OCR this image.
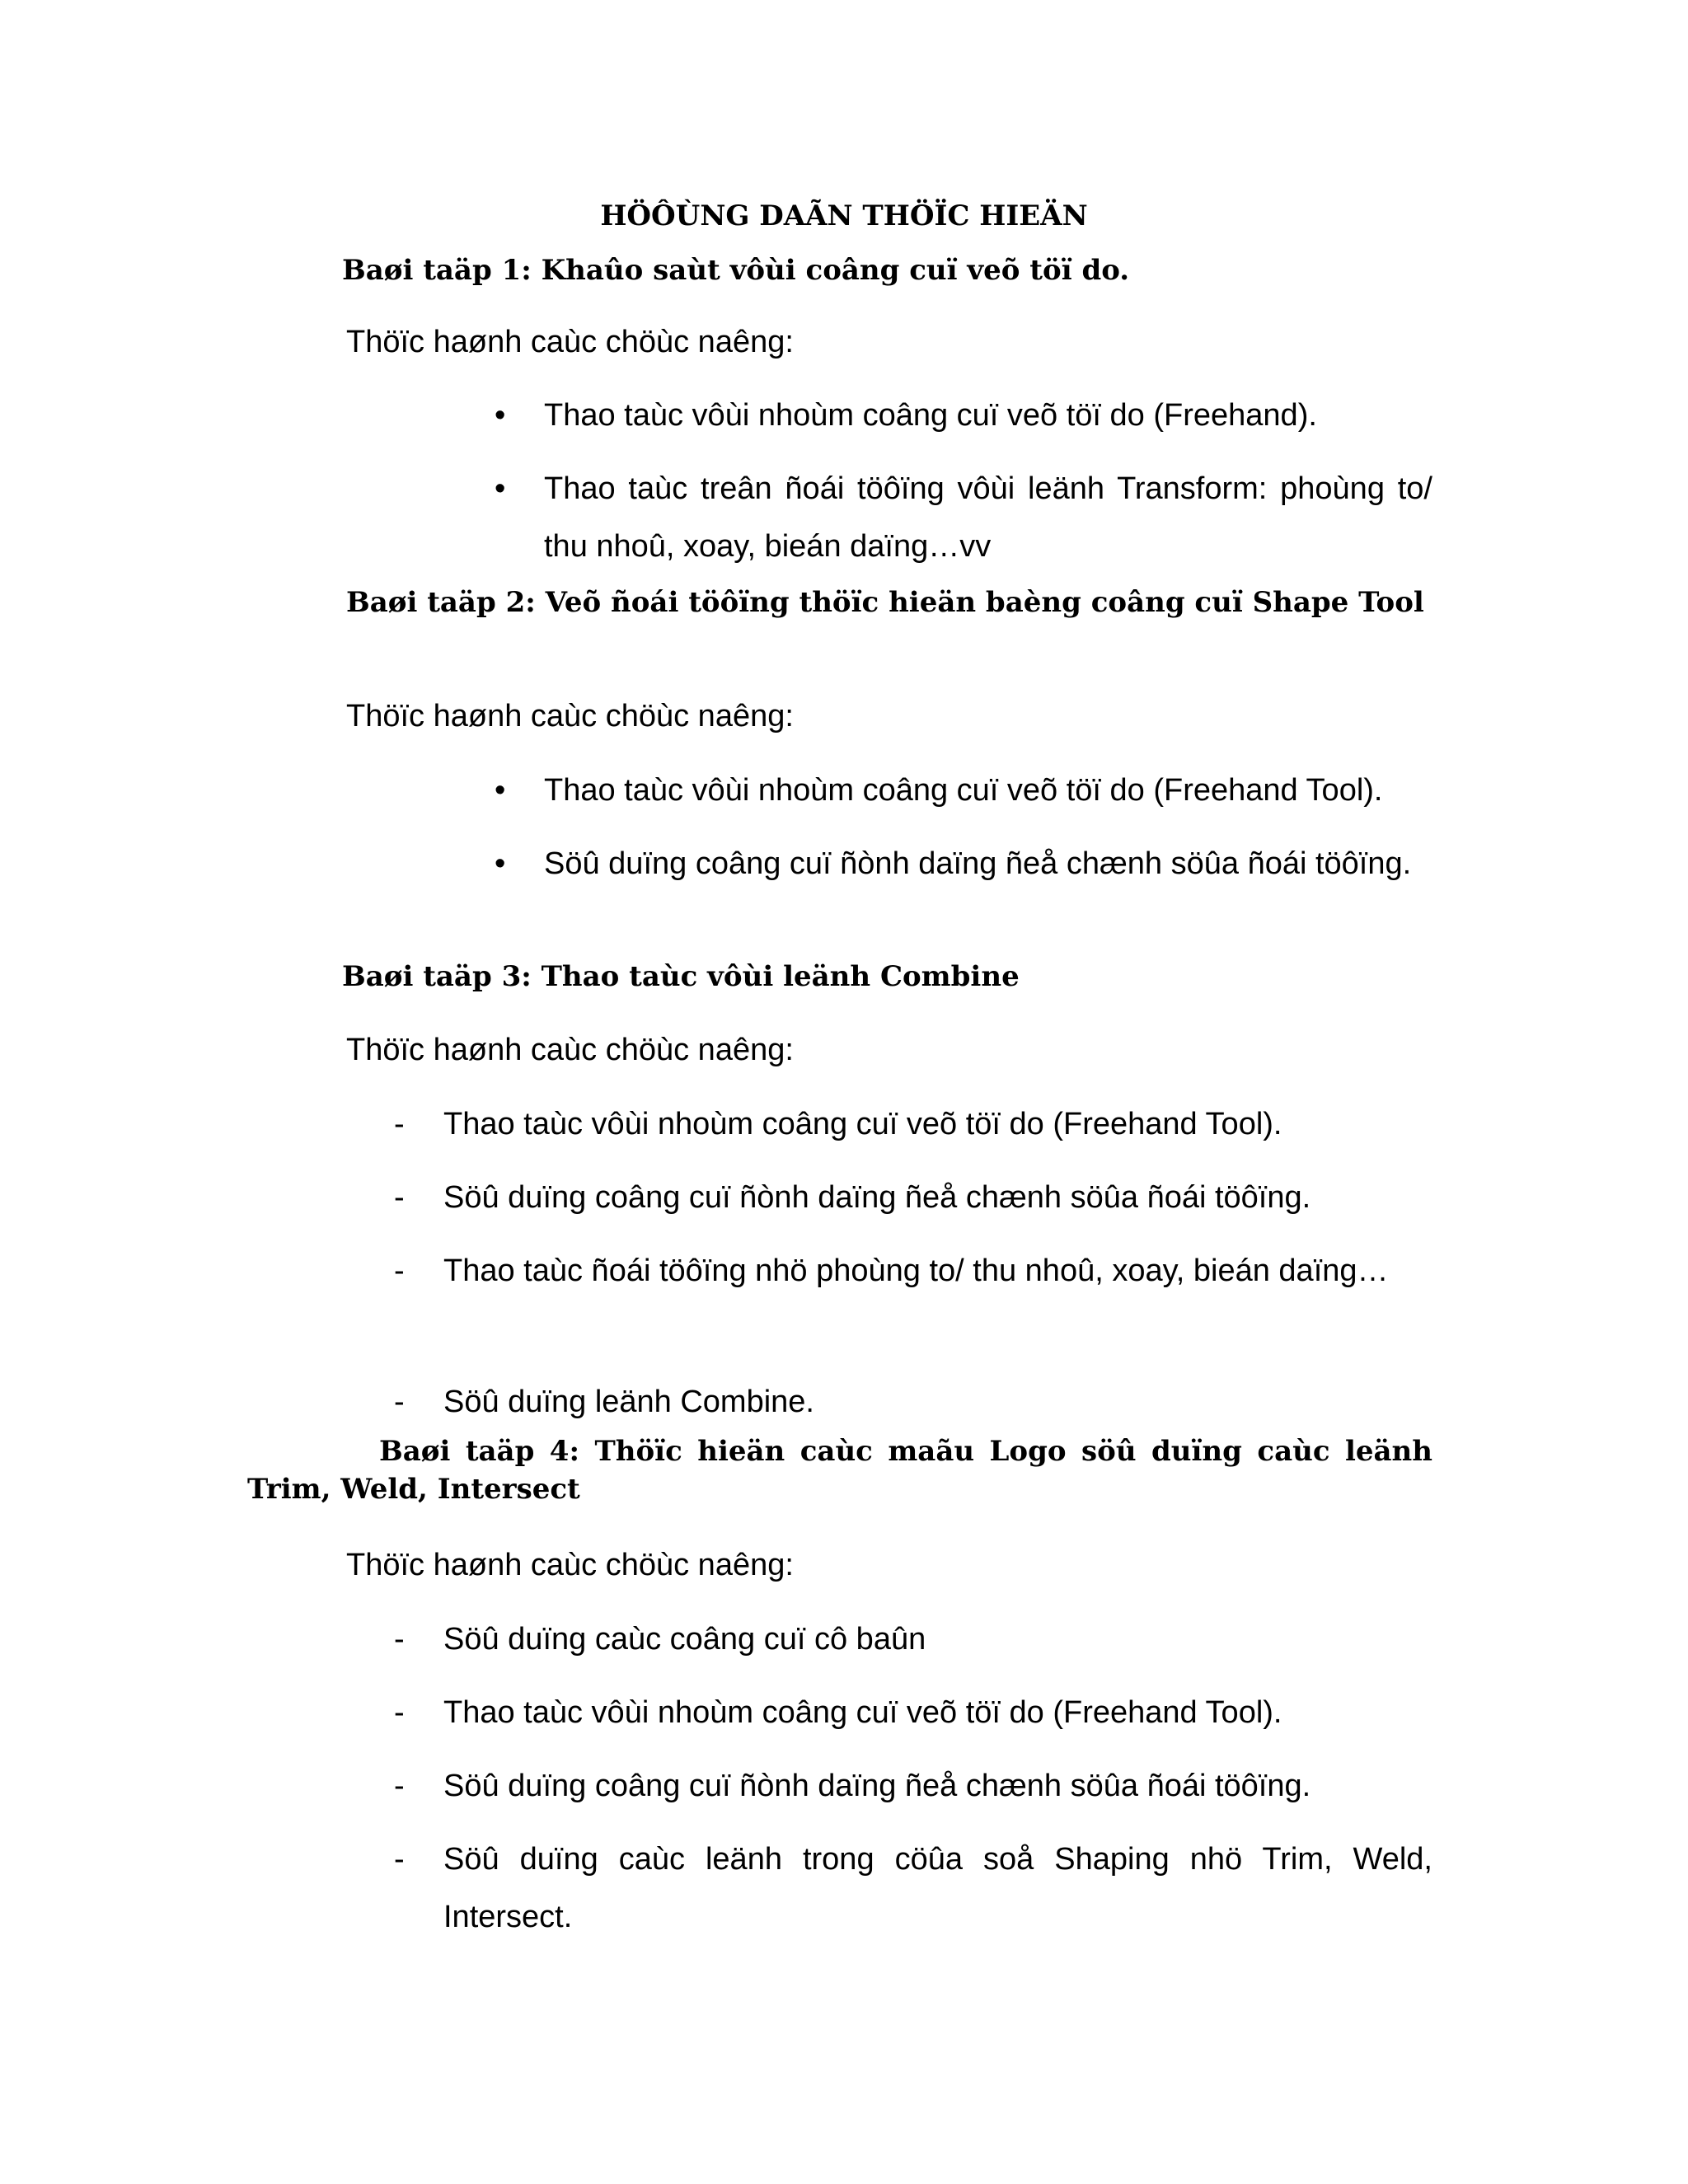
HÖÔÙNG DAÃN THÖÏC HIEÄN
Baøi taäp 1: Khaûo saùt vôùi coâng cuï veõ töï do.
Thöïc haønh caùc chöùc naêng:
• Thao taùc vôùi nhoùm coâng cuï veõ töï do (Freehand).
• Thao taùc treân ñoái töôïng vôùi leänh Transform: phoùng to/ thu nhoû, xoay, bieán daïng…vv
Baøi taäp 2: Veõ ñoái töôïng thöïc hieän baèng coâng cuï Shape Tool
Thöïc haønh caùc chöùc naêng:
• Thao taùc vôùi nhoùm coâng cuï veõ töï do (Freehand Tool).
• Söû duïng coâng cuï ñònh daïng ñeå chænh söûa ñoái töôïng.
Baøi taäp 3: Thao taùc vôùi leänh Combine
Thöïc haønh caùc chöùc naêng:
- Thao taùc vôùi nhoùm coâng cuï veõ töï do (Freehand Tool).
- Söû duïng coâng cuï ñònh daïng ñeå chænh söûa ñoái töôïng.
- Thao taùc ñoái töôïng nhö phoùng to/ thu nhoû, xoay, bieán daïng…
- Söû duïng leänh Combine.
Baøi taäp 4: Thöïc hieän caùc maãu Logo söû duïng caùc leänh Trim, Weld, Intersect
Thöïc haønh caùc chöùc naêng:
- Söû duïng caùc coâng cuï cô baûn
- Thao taùc vôùi nhoùm coâng cuï veõ töï do (Freehand Tool).
- Söû duïng coâng cuï ñònh daïng ñeå chænh söûa ñoái töôïng.
- Söû duïng caùc leänh trong cöûa soå Shaping nhö Trim, Weld, Intersect.
